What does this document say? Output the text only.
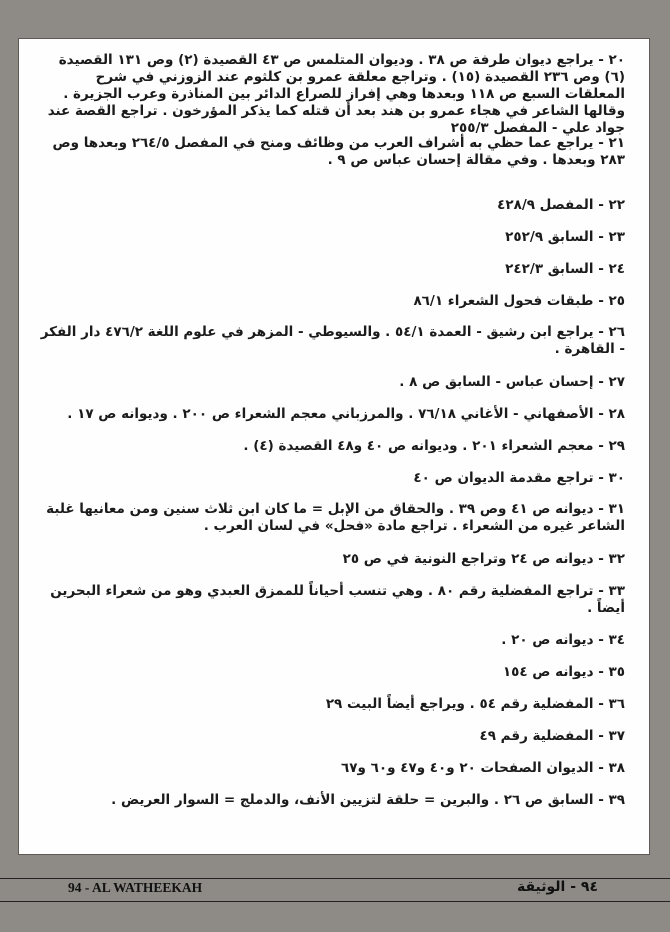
٢٠ - يراجع ديوان طرفة ص ٣٨ . وديوان المتلمس ص ٤٣ القصيدة (٢) وص ١٣١ القصيدة (٦) وص ٢٣٦ القصيدة (١٥) . وتراجع معلقة عمرو بن كلثوم عند الزوزني في شرح المعلقات السبع ص ١١٨ وبعدها وهي إفراز للصراع الدائر بين المناذرة وعرب الجزيرة . وقالها الشاعر في هجاء عمرو بن هند بعد أن قتله كما يذكر المؤرخون . تراجع القصة عند جواد علي - المفصل ٢٥٥/٣
٢١ - يراجع عما حظي به أشراف العرب من وظائف ومنح في المفصل ٢٦٤/٥ وبعدها وص ٢٨٣ وبعدها . وفي مقالة إحسان عباس ص ٩ .
٢٢ - المفصل ٤٢٨/٩
٢٣ - السابق ٢٥٢/٩
٢٤ - السابق ٢٤٢/٣
٢٥ - طبقات فحول الشعراء ٨٦/١
٢٦ - يراجع ابن رشيق - العمدة ٥٤/١ . والسيوطي - المزهر في علوم اللغة ٤٧٦/٢ دار الفكر - القاهرة .
٢٧ - إحسان عباس - السابق ص ٨ .
٢٨ - الأصفهاني - الأغاني ٧٦/١٨ . والمرزباني معجم الشعراء ص ٢٠٠ . وديوانه ص ١٧ .
٢٩ - معجم الشعراء ٢٠١ . وديوانه ص ٤٠ و٤٨ القصيدة (٤) .
٣٠ - تراجع مقدمة الديوان ص ٤٠
٣١ - ديوانه ص ٤١ وص ٣٩ . والحقاق من الإبل = ما كان ابن ثلاث سنين ومن معانيها غلبة الشاعر غيره من الشعراء . تراجع مادة «فحل» في لسان العرب .
٣٢ - ديوانه ص ٢٤ وتراجع النونية في ص ٢٥
٣٣ - تراجع المفضلية رقم ٨٠ . وهي تنسب أحياناً للممزق العبدي وهو من شعراء البحرين أيضاً .
٣٤ - ديوانه ص ٢٠ .
٣٥ - ديوانه ص ١٥٤
٣٦ - المفضلية رقم ٥٤ . ويراجع أيضاً البيت ٢٩
٣٧ - المفضلية رقم ٤٩
٣٨ - الديوان الصفحات ٢٠ و٤٠ و٤٧ و٦٠ و٦٧
٣٩ - السابق ص ٢٦ . والبرين = حلقة لتزيين الأنف، والدملج = السوار العريض .
94 - AL WATHEEKAH	٩٤ - الوثيقة
